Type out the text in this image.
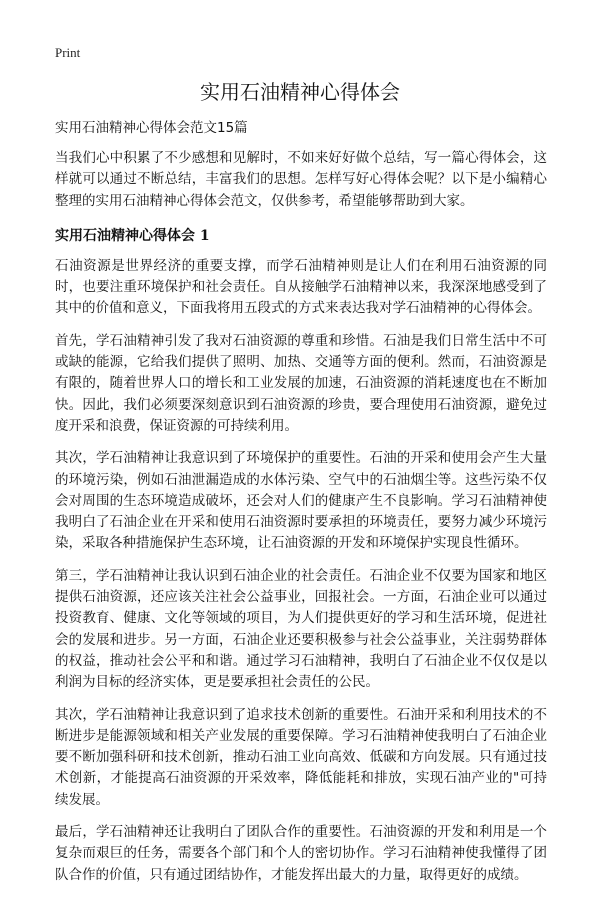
Print
实用石油精神心得体会

实用石油精神心得体会范文15篇

当我们心中积累了不少感想和见解时，不如来好好做个总结，写一篇心得体会，这样就可以通过不断总结，丰富我们的思想。怎样写好心得体会呢？以下是小编精心整理的实用石油精神心得体会范文，仅供参考，希望能够帮助到大家。

实用石油精神心得体会 1

石油资源是世界经济的重要支撑，而学石油精神则是让人们在利用石油资源的同时，也要注重环境保护和社会责任。自从接触学石油精神以来，我深深地感受到了其中的价值和意义，下面我将用五段式的方式来表达我对学石油精神的心得体会。

首先，学石油精神引发了我对石油资源的尊重和珍惜。石油是我们日常生活中不可或缺的能源，它给我们提供了照明、加热、交通等方面的便利。然而，石油资源是有限的，随着世界人口的增长和工业发展的加速，石油资源的消耗速度也在不断加快。因此，我们必须要深刻意识到石油资源的珍贵，要合理使用石油资源，避免过度开采和浪费，保证资源的可持续利用。

其次，学石油精神让我意识到了环境保护的重要性。石油的开采和使用会产生大量的环境污染，例如石油泄漏造成的水体污染、空气中的石油烟尘等。这些污染不仅会对周围的生态环境造成破坏，还会对人们的健康产生不良影响。学习石油精神使我明白了石油企业在开采和使用石油资源时要承担的环境责任，要努力减少环境污染，采取各种措施保护生态环境，让石油资源的开发和环境保护实现良性循环。

第三，学石油精神让我认识到石油企业的社会责任。石油企业不仅要为国家和地区提供石油资源，还应该关注社会公益事业，回报社会。一方面，石油企业可以通过投资教育、健康、文化等领域的项目，为人们提供更好的学习和生活环境，促进社会的发展和进步。另一方面，石油企业还要积极参与社会公益事业，关注弱势群体的权益，推动社会公平和和谐。通过学习石油精神，我明白了石油企业不仅仅是以利润为目标的经济实体，更是要承担社会责任的公民。

其次，学石油精神让我意识到了追求技术创新的重要性。石油开采和利用技术的不断进步是能源领域和相关产业发展的重要保障。学习石油精神使我明白了石油企业要不断加强科研和技术创新，推动石油工业向高效、低碳和方向发展。只有通过技术创新，才能提高石油资源的开采效率，降低能耗和排放，实现石油产业的"可持续发展。

最后，学石油精神还让我明白了团队合作的重要性。石油资源的开发和利用是一个复杂而艰巨的任务，需要各个部门和个人的密切协作。学习石油精神使我懂得了团队合作的价值，只有通过团结协作，才能发挥出最大的力量，取得更好的成绩。
